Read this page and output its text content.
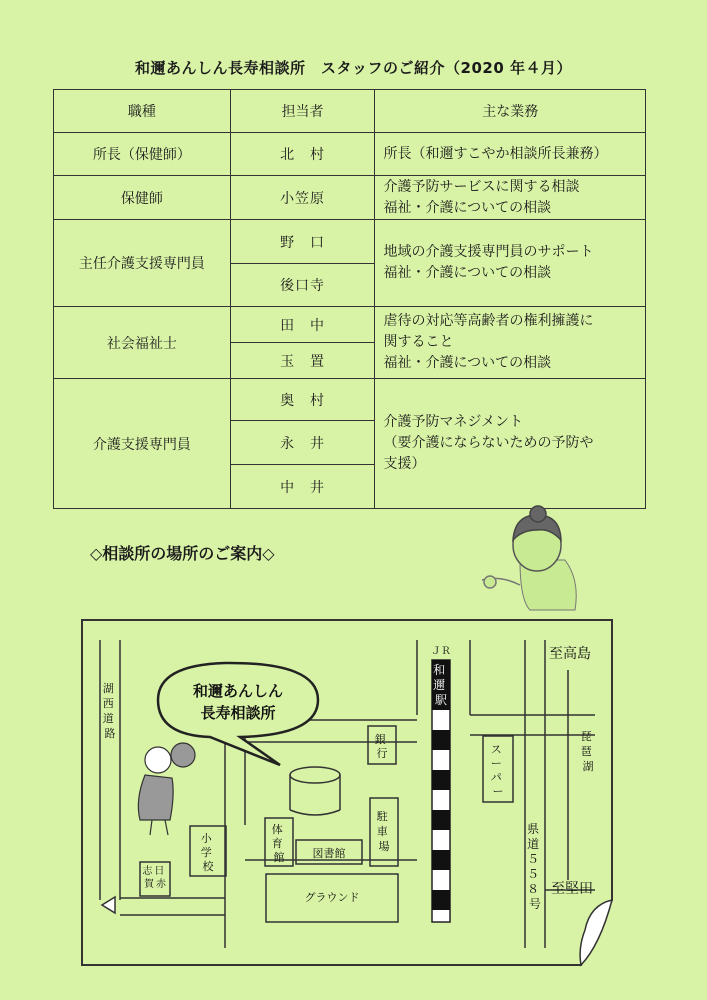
和邇あんしん長寿相談所　スタッフのご紹介（2020 年４月）
職種	担当者	主な業務
所長（保健師）	北　村	所長（和邇すこやか相談所長兼務）
保健師	小笠原	介護予防サービスに関する相談
福祉・介護についての相談

主任介護支援専門員	野　口	地域の介護支援専門員のサポート
福祉・介護についての相談

	後口寺	
社会福祉士	田　中	虐待の対応等高齢者の権利擁護に
関すること
福祉・介護についての相談

	玉　置	
介護支援専門員	奥　村	介護予防マネジメント
（要介護にならないための予防や
支援）

	永　井	
	中　井	
◇相談所の場所のご案内◇
和邇あんしん
長寿相談所
湖 西 道 路
ＪＲ
和 邇 駅
至高島
至堅田
琵 琶 湖
銀 行	ス ー パ ー
駐 車 場
体 育 館	図書館
小 学 校
日 赤
志 賀
グラウンド
県 道 ５ ５ ８ 号
